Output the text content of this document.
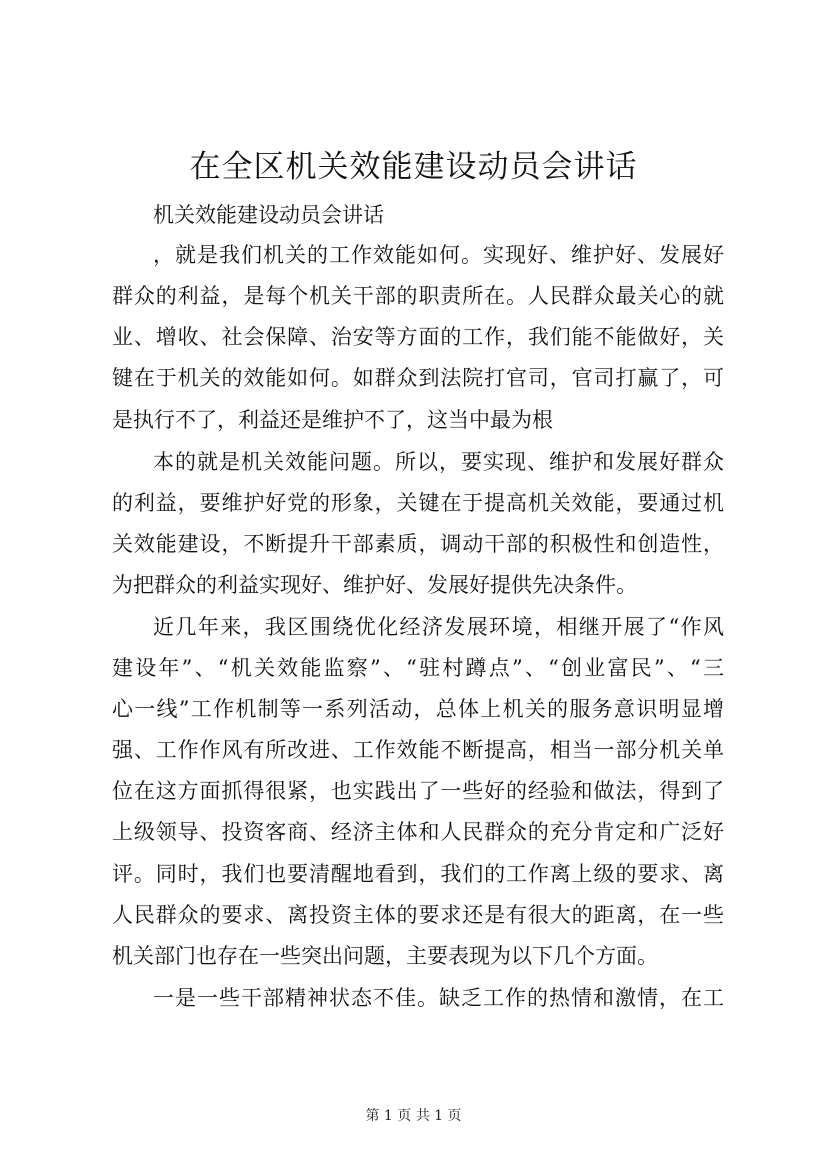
在全区机关效能建设动员会讲话
机关效能建设动员会讲话
，就是我们机关的工作效能如何。实现好、维护好、发展好
群众的利益，是每个机关干部的职责所在。人民群众最关心的就
业、增收、社会保障、治安等方面的工作，我们能不能做好，关
键在于机关的效能如何。如群众到法院打官司，官司打赢了，可
是执行不了，利益还是维护不了，这当中最为根
本的就是机关效能问题。所以，要实现、维护和发展好群众
的利益，要维护好党的形象，关键在于提高机关效能，要通过机
关效能建设，不断提升干部素质，调动干部的积极性和创造性，
为把群众的利益实现好、维护好、发展好提供先决条件。
近几年来，我区围绕优化经济发展环境，相继开展了“作风
建设年”、“机关效能监察”、“驻村蹲点”、“创业富民”、“三
心一线”工作机制等一系列活动，总体上机关的服务意识明显增
强、工作作风有所改进、工作效能不断提高，相当一部分机关单
位在这方面抓得很紧，也实践出了一些好的经验和做法，得到了
上级领导、投资客商、经济主体和人民群众的充分肯定和广泛好
评。同时，我们也要清醒地看到，我们的工作离上级的要求、离
人民群众的要求、离投资主体的要求还是有很大的距离，在一些
机关部门也存在一些突出问题，主要表现为以下几个方面。
一是一些干部精神状态不佳。缺乏工作的热情和激情，在工
第 1 页 共 1 页
